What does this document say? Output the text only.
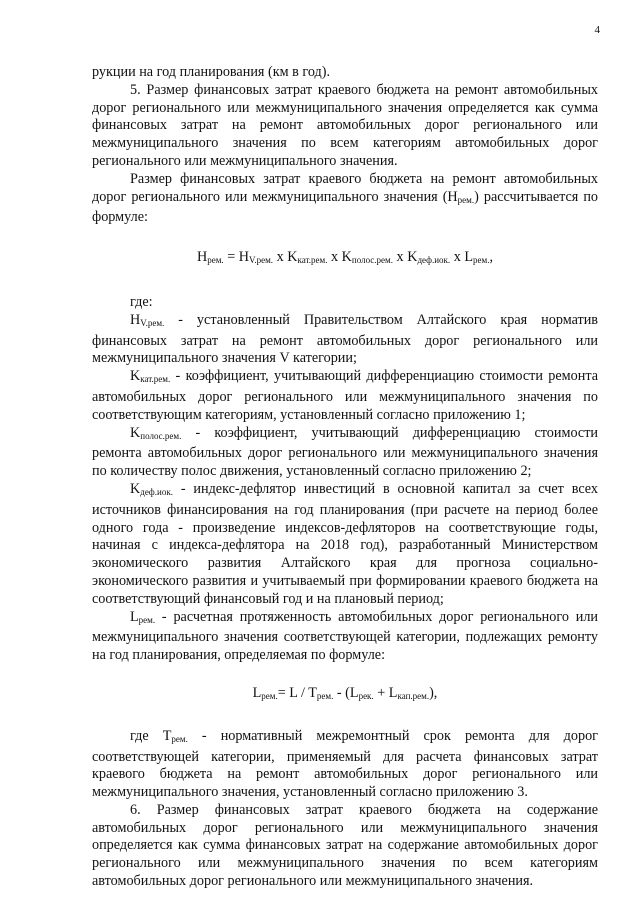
4

рукции на год планирования (км в год).

5. Размер финансовых затрат краевого бюджета на ремонт автомобильных дорог регионального или межмуниципального значения определяется как сумма финансовых затрат на ремонт автомобильных дорог регионального или межмуниципального значения по всем категориям автомобильных дорог регионального или межмуниципального значения.

Размер финансовых затрат краевого бюджета на ремонт автомобильных дорог регионального или межмуниципального значения $(Н_{рем.})$ рассчитывается по формуле:

$Н_{рем.} = Н_{V.рем.}$ x $K_{кат.рем.}$ x $K_{полос.рем.}$ x $K_{деф.иок.}$ x $L_{рем.}$,

где:

$Н_{V.рем.}$ - установленный Правительством Алтайского края норматив финансовых затрат на ремонт автомобильных дорог регионального или межмуниципального значения V категории;

$K_{кат.рем.}$ - коэффициент, учитывающий дифференциацию стоимости ремонта автомобильных дорог регионального или межмуниципального значения по соответствующим категориям, установленный согласно приложению 1;

$K_{полос.рем.}$ - коэффициент, учитывающий дифференциацию стоимости ремонта автомобильных дорог регионального или межмуниципального значения по количеству полос движения, установленный согласно приложению 2;

$K_{деф.иок.}$ - индекс-дефлятор инвестиций в основной капитал за счет всех источников финансирования на год планирования (при расчете на период более одного года - произведение индексов-дефляторов на соответствующие годы, начиная с индекса-дефлятора на 2018 год), разработанный Министерством экономического развития Алтайского края для прогноза социально-экономического развития и учитываемый при формировании краевого бюджета на соответствующий финансовый год и на плановый период;

$L_{рем.}$ - расчетная протяженность автомобильных дорог регионального или межмуниципального значения соответствующей категории, подлежащих ремонту на год планирования, определяемая по формуле:

$L_{рем.}= L / T_{рем.} - (L_{рек.} + L_{кап.рем.})$,

где $T_{рем.}$ - нормативный межремонтный срок ремонта для дорог соответствующей категории, применяемый для расчета финансовых затрат краевого бюджета на ремонт автомобильных дорог регионального или межмуниципального значения, установленный согласно приложению 3.

6. Размер финансовых затрат краевого бюджета на содержание автомобильных дорог регионального или межмуниципального значения определяется как сумма финансовых затрат на содержание автомобильных дорог регионального или межмуниципального значения по всем категориям автомобильных дорог регионального или межмуниципального значения.
